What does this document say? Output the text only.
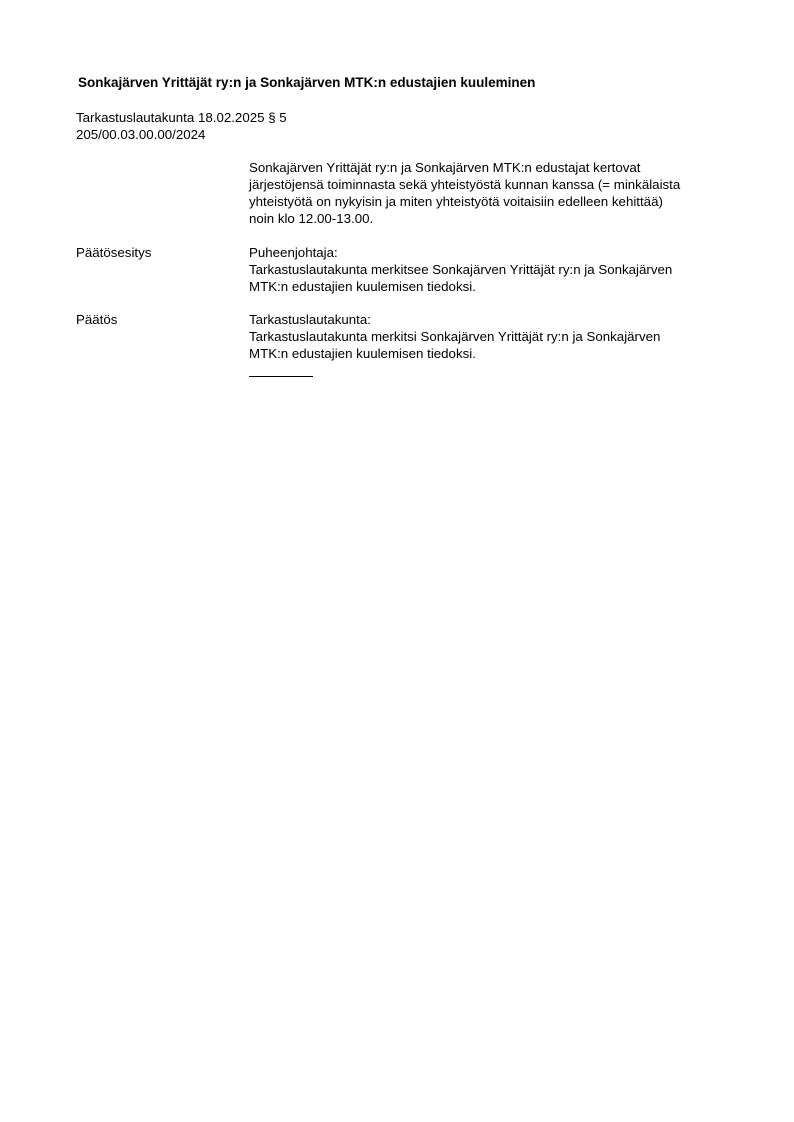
Sonkajärven Yrittäjät ry:n ja Sonkajärven MTK:n edustajien kuuleminen
Tarkastuslautakunta 18.02.2025 § 5
205/00.03.00.00/2024
Sonkajärven Yrittäjät ry:n ja Sonkajärven MTK:n edustajat kertovat
järjestöjensä toiminnasta sekä yhteistyöstä kunnan kanssa (= minkälaista
yhteistyötä on nykyisin ja miten yhteistyötä voitaisiin edelleen kehittää)
noin klo 12.00-13.00.
Päätösesitys	Puheenjohtaja:
Tarkastuslautakunta merkitsee Sonkajärven Yrittäjät ry:n ja Sonkajärven
MTK:n edustajien kuulemisen tiedoksi.
Päätös	Tarkastuslautakunta:
Tarkastuslautakunta merkitsi Sonkajärven Yrittäjät ry:n ja Sonkajärven
MTK:n edustajien kuulemisen tiedoksi.
